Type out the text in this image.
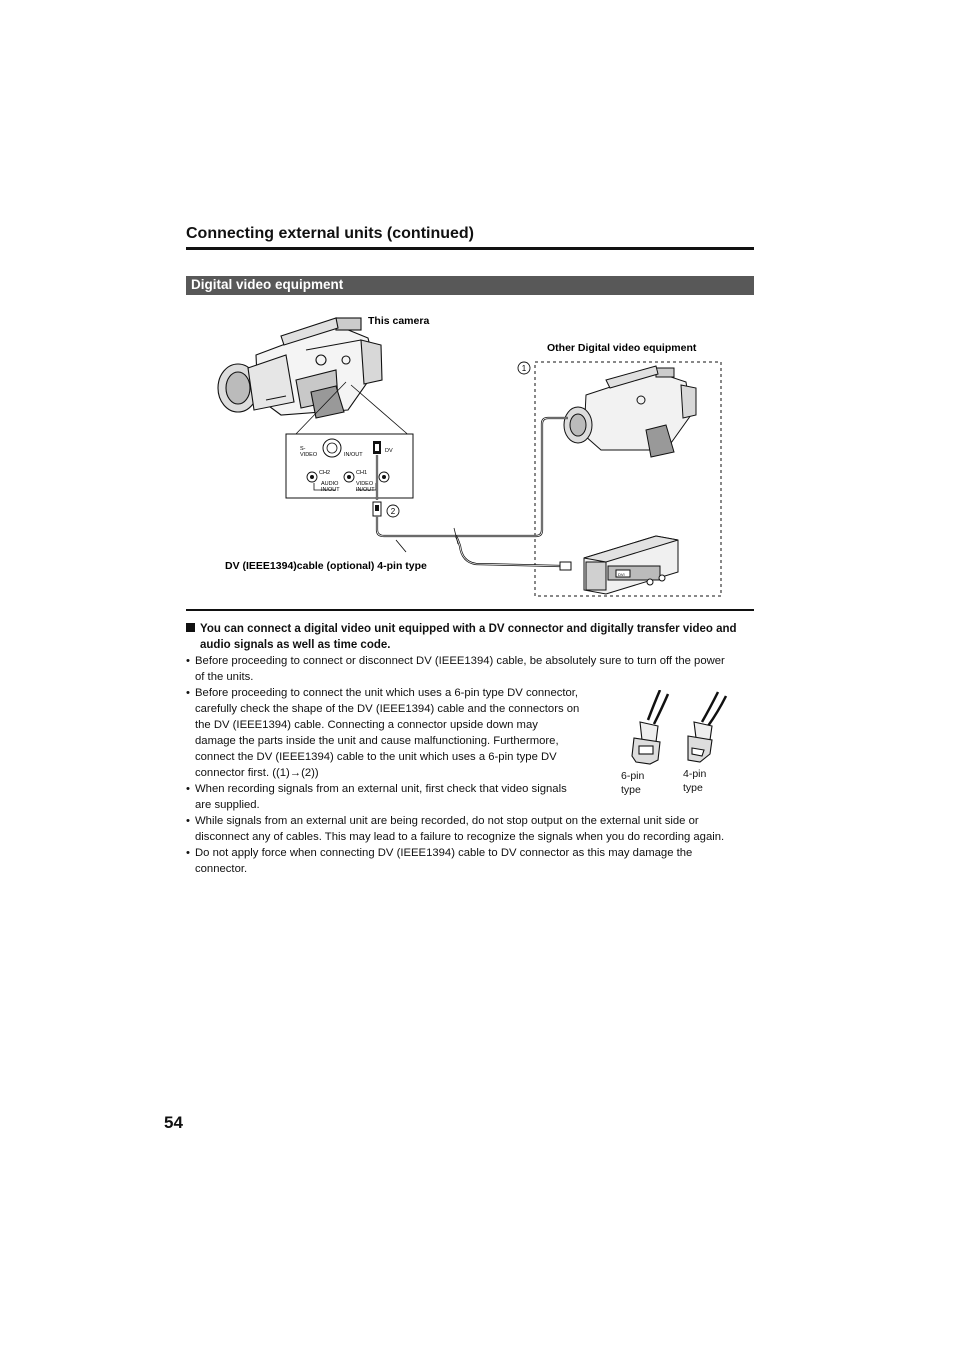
Connecting external units (continued)
Digital video equipment
DVI
S-
VIDEO	IN/OUT
DV
CH2	CH1
AUDIO
IN/OUT
VIDEO
IN/OUT
1
2
This camera
Other Digital video equipment
DV (IEEE1394)cable (optional) 4-pin type
You can connect a digital video unit equipped with a DV connector and digitally transfer video and
audio signals as well as time code.
• Before proceeding to connect or disconnect DV (IEEE1394) cable, be absolutely sure to turn off the power
of the units.
• Before proceeding to connect the unit which uses a 6-pin type DV connector,
carefully check the shape of the DV (IEEE1394) cable and the connectors on
the DV (IEEE1394) cable. Connecting a connector upside down may
damage the parts inside the unit and cause malfunctioning. Furthermore,
connect the DV (IEEE1394) cable to the unit which uses a 6-pin type DV
connector first. ((1)→(2))
• When recording signals from an external unit, first check that video signals
are supplied.
• While signals from an external unit are being recorded, do not stop output on the external unit side or
disconnect any of cables. This may lead to a failure to recognize the signals when you do recording again.
• Do not apply force when connecting DV (IEEE1394) cable to DV connector as this may damage the
connector.
6-pin
type
4-pin
type
54
